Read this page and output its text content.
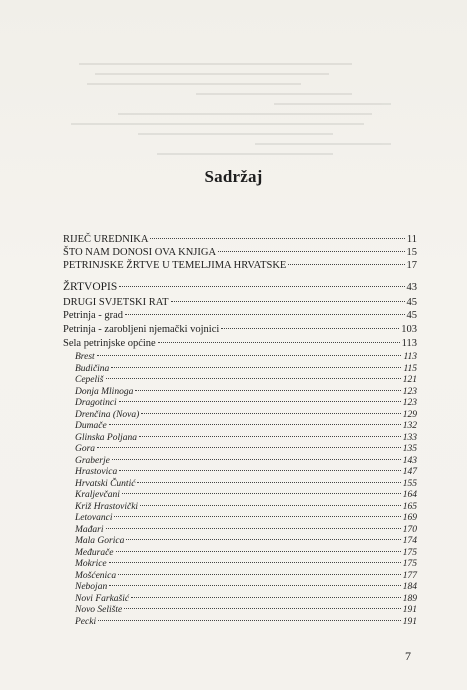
Sadržaj
RIJEČ UREDNIKA	11
ŠTO NAM DONOSI OVA KNJIGA	15
PETRINJSKE ŽRTVE U TEMELJIMA HRVATSKE	17
ŽRTVOPIS	43
DRUGI SVJETSKI RAT	45
Petrinja - grad	45
Petrinja - zarobljeni njemački vojnici	103
Sela petrinjske općine	113
Brest	113
Budičina	115
Cepeliš	121
Donja Mlinoga	123
Dragotinci	123
Drenčina (Nova)	129
Dumače	132
Glinska Poljana	133
Gora	135
Graberje	143
Hrastovica	147
Hrvatski Čuntić	155
Kraljevčani	164
Križ Hrastovički	165
Letovanci	169
Mađari	170
Mala Gorica	174
Međurače	175
Mokrice	175
Mošćenica	177
Nebojan	184
Novi Farkašić	189
Novo Selište	191
Pecki	191
7
